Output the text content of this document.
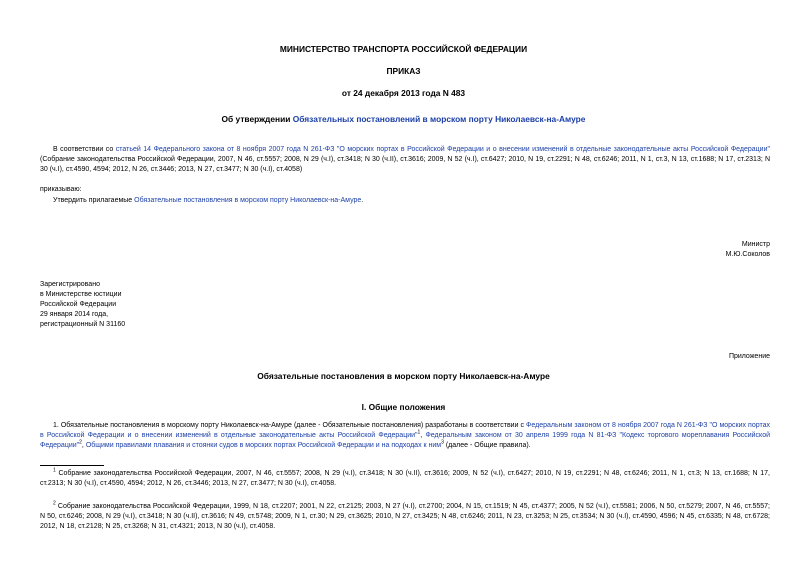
МИНИСТЕРСТВО ТРАНСПОРТА РОССИЙСКОЙ ФЕДЕРАЦИИ
ПРИКАЗ
от 24 декабря 2013 года N 483
Об утверждении Обязательных постановлений в морском порту Николаевск-на-Амуре
В соответствии со статьей 14 Федерального закона от 8 ноября 2007 года N 261-ФЗ "О морских портах в Российской Федерации и о внесении изменений в отдельные законодательные акты Российской Федерации" (Собрание законодательства Российской Федерации, 2007, N 46, ст.5557; 2008, N 29 (ч.I), ст.3418; N 30 (ч.II), ст.3616; 2009, N 52 (ч.I), ст.6427; 2010, N 19, ст.2291; N 48, ст.6246; 2011, N 1, ст.3, N 13, ст.1688; N 17, ст.2313; N 30 (ч.I), ст.4590, 4594; 2012, N 26, ст.3446; 2013, N 27, ст.3477; N 30 (ч.I), ст.4058)
приказываю:
Утвердить прилагаемые Обязательные постановления в морском порту Николаевск-на-Амуре.
Министр
М.Ю.Соколов
Зарегистрировано
в Министерстве юстиции
Российской Федерации
29 января 2014 года,
регистрационный N 31160
Приложение
Обязательные постановления в морском порту Николаевск-на-Амуре
I. Общие положения
1. Обязательные постановления в морскому порту Николаевск-на-Амуре (далее - Обязательные постановления) разработаны в соответствии с Федеральным законом от 8 ноября 2007 года N 261-ФЗ "О морских портах в Российской Федерации и о внесении изменений в отдельные законодательные акты Российской Федерации"$^1$, Федеральным законом от 30 апреля 1999 года N 81-ФЗ "Кодекс торгового мореплавания Российской Федерации"$^2$, Общими правилами плавания и стоянки судов в морских портах Российской Федерации и на подходах к ним$^3$ (далее - Общие правила).
$^1$ Собрание законодательства Российской Федерации, 2007, N 46, ст.5557; 2008, N 29 (ч.I), ст.3418; N 30 (ч.II), ст.3616; 2009, N 52 (ч.I), ст.6427; 2010, N 19, ст.2291; N 48, ст.6246; 2011, N 1, ст.3; N 13, ст.1688; N 17, ст.2313; N 30 (ч.I), ст.4590, 4594; 2012, N 26, ст.3446; 2013, N 27, ст.3477; N 30 (ч.I), ст.4058.
$^2$ Собрание законодательства Российской Федерации, 1999, N 18, ст.2207; 2001, N 22, ст.2125; 2003, N 27 (ч.I), ст.2700; 2004, N 15, ст.1519; N 45, ст.4377; 2005, N 52 (ч.I), ст.5581; 2006, N 50, ст.5279; 2007, N 46, ст.5557; N 50, ст.6246; 2008, N 29 (ч.I), ст.3418; N 30 (ч.II), ст.3616; N 49, ст.5748; 2009, N 1, ст.30; N 29, ст.3625; 2010, N 27, ст.3425; N 48, ст.6246; 2011, N 23, ст.3253; N 25, ст.3534; N 30 (ч.I), ст.4590, 4596; N 45, ст.6335; N 48, ст.6728; 2012, N 18, ст.2128; N 25, ст.3268; N 31, ст.4321; 2013, N 30 (ч.I), ст.4058.
